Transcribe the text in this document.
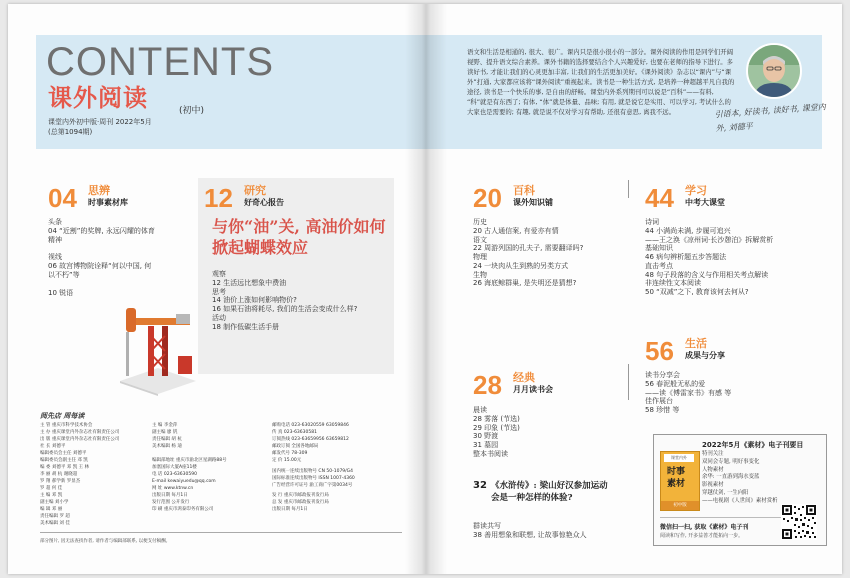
CONTENTS
课外阅读	(初中)
课堂内外初中版·周刊 2022年5月
(总第1094期)
04 思辨
时事素材库
头条
04 “近割”的奖牌, 永远闪耀的体育
精神
视线
06 故宫博物院诠释“何以中国, 何
以不朽”等
10 锐语
12 研究
好奇心报告
与你“油”关, 高油价如何掀起蝴蝶效应
观察
12 生活远比想象中费油
思考
14 油价上涨如何影响物价?
16 如果石油将耗尽, 我们的生活会变成什么样?
活动
18 制作低碳生活手册
阅先店 周每读
主 管 重庆市科学技术协会
主 办 重庆课堂内外杂志社有限责任公司
出 版 重庆课堂内外杂志社有限责任公司
社 长 刘德平
编辑委员会主任 刘德平
编辑委员会副主任 邓 凯
编 委 刘德平 邓 凯 王 林
李 丽 胡 杭 谢晓超
罗 翔 郝学新 罗显杰
罗 超 何 佳
主 编 邓 凯
副主编 刘小学
编 辑 邓 丽
责任编辑 罗 超
美术编辑 刘 佳
主 编 李金萍
副主编 廖 钒
责任编辑 胡 杭
美术编辑 杨 迪
编辑部地址 重庆市渝北区星湖路88号
加塞国际大厦A座11楼
电 话 023-63630590
E-mail kewaiyuedu@qq.com
网 址 www.ktnw.cn
出版日期 每月1日
发行范围 公开发行
印 刷 重庆市鸿泰印务有限公司
邮购电话 023-63020559 63059846
传 真 023-63630581
订阅热线 023-63659956 63659812
邮政订阅 全国各地邮局
邮发代号 78-309
定 价 15.00元
国内统一连续出版物号 CN 50-1079/G4
国际标准连续出版物号 ISSN 1007-4360
广告经营许可证号 渝工商广字第0034号
发 行 重庆市邮政报刊发行局
总 发 重庆市邮政报刊发行局
出版日期 每月1日
部分图片, 因无法查找作者, 请作者与编辑部联系, 以便支付稿酬。
语文和生活是相通的, 很大、很广。课内只是很小很小的一部分。课外阅读的作用是同学们开阔视野、提升语文综合素养。课外书籍的选择要结合个人兴趣爱好, 也要在老师的指导下进行。多读好书, 才能让我们的心灵更加丰富, 让我们的生活更加美好。《课外阅读》杂志以“课内”与“课外”打通, 大家都应该将“课外阅读”重视起来。读书是一种生活方式, 是培养一种超越平凡自我的途径, 读书是一个快乐的事, 是自由的舒畅。课堂内外系列期刊可以说是“百科”——有料, “科”就是有东西了; 有体, “体”就是体量、品味; 有用, 就是说它是实用、可以学习, 考试什么的大家也是需要的; 有趣, 就是说不仅对学习有帮助, 还很有意思, 离我不远。	引语本, 好读书, 读好书, 课堂内外, 刘德平
20 百科
课外知识铺
历史
20 古人通信案, 有爱亦有情
语文
22 周游列国的孔夫子, 需要翻译吗?
物理
24 一块肉从生到熟的另类方式
生物
26 海底鲸群巢, 是失明还是猜想?
28 经典
月月读书会
晨读
28 雾落 (节选)
29 印象 (节选)
30 野渡
31 墓园
整本书阅读
32 《水浒传》: 梁山好汉参加运动会是一种怎样的体验?
群读共写
38 善用想象和联想, 让故事惊艳众人
44 学习
中考大课堂
诗词
44 小满尚未满, 步履可追兴
——王之涣《凉州词·长沙憩泊》拆解赏析
基础知识
46 病句辨析题五步答题法
直击考点
48 句子段落的含义与作用相关考点解读
非连续性文本阅读
50 “双减”之下, 教育该何去何从?
56 生活
成果与分享
读书分享会
56 春泥般无私的爱
——读《傅雷家书》有感 等
佳作展台
58 珍惜 等
2022年5月《素材》电子刊要目
课堂内外
时事
素材
初中版
特刊关注
双同会专题, 明好事变化
人物素材
余华: 一直游到海水变蓝
影视素材
穿越仗剑, 一生向阳
——电视剧《人世间》素材赏析
微信扫一扫, 获取《素材》电子刊
阅读和写作, 开多益善才能拓向一步。
